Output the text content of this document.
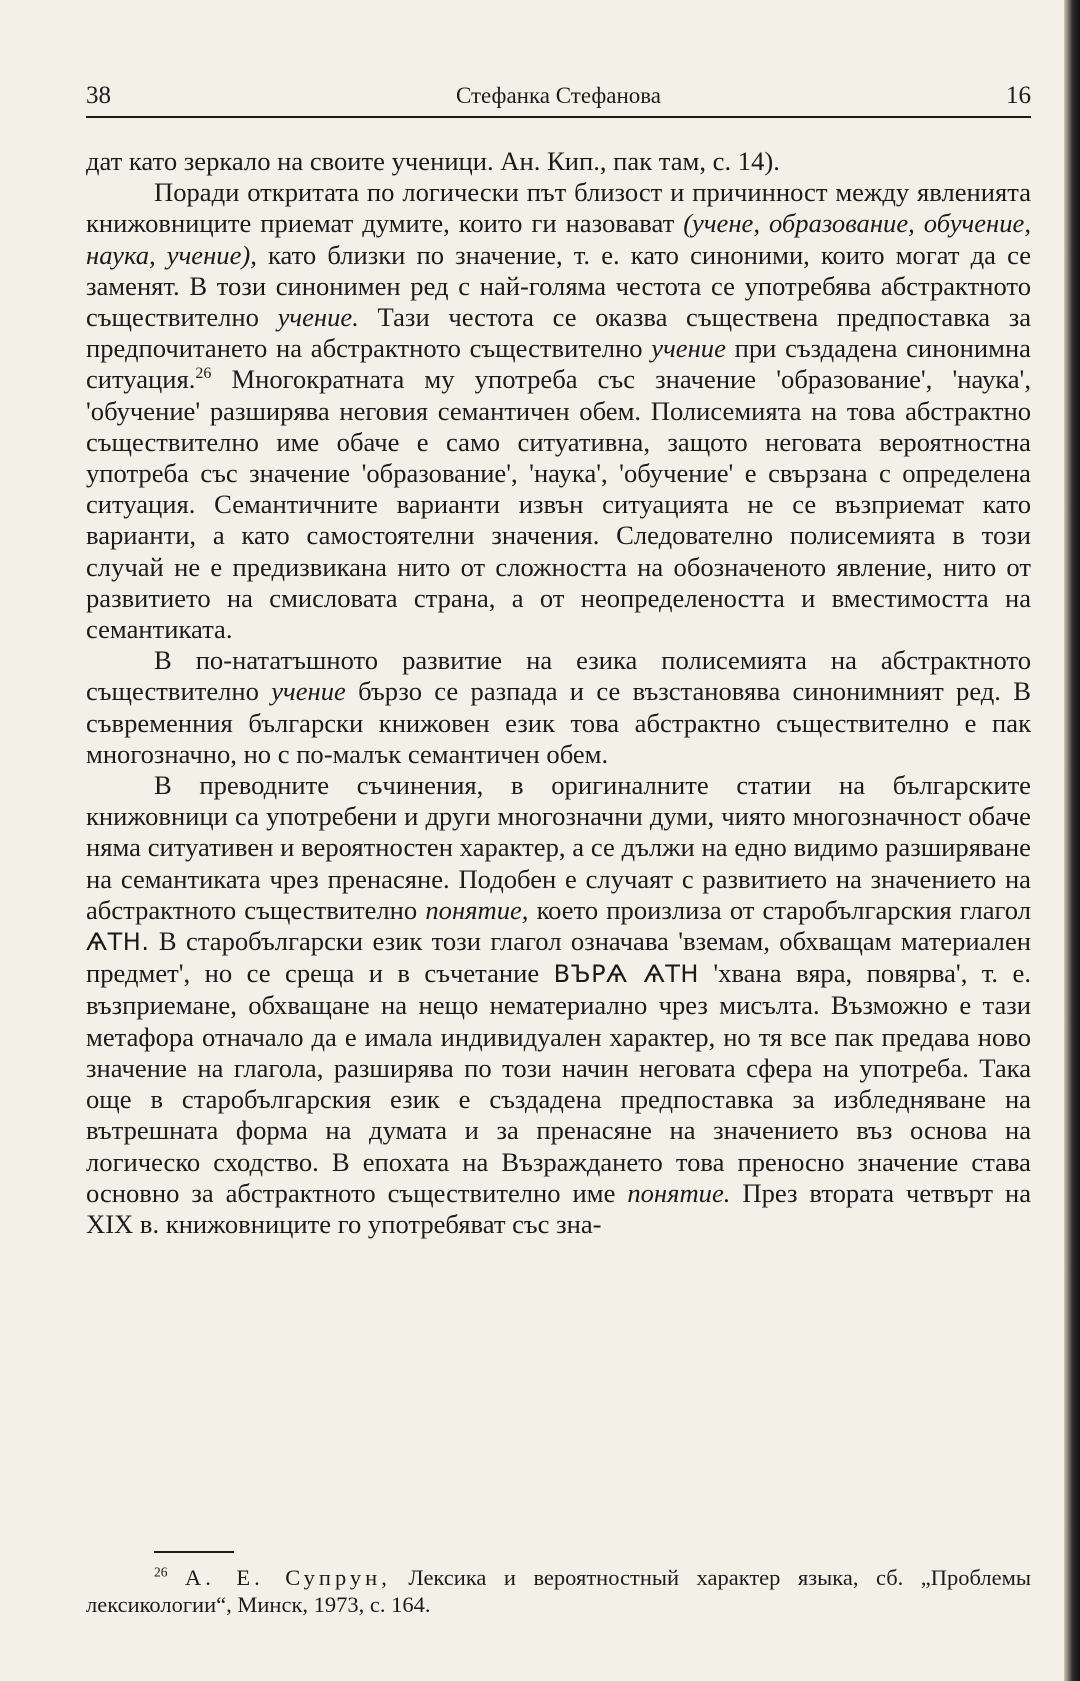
38	Стефанка Стефанова	16

дат като зеркало на своите ученици. Ан. Кип., пак там, с. 14).

Поради откритата по логически път близост и причинност между явленията книжовниците приемат думите, които ги назовават (учене, образование, обучение, наука, учение), като близки по значение, т. е. като синоними, които могат да се заменят. В този синонимен ред с най-голяма честота се употребява абстрактното съществително учение. Тази честота се оказва съществена предпоставка за предпочитането на абстрактното съществително учение при създадена синонимна ситуация.$^{26}$ Многократната му употреба със значение 'образование', 'наука', 'обучение' разширява неговия семантичен обем. Полисемията на това абстрактно съществително име обаче е само ситуативна, защото неговата вероятностна употреба със значение 'образование', 'наука', 'обучение' е свързана с определена ситуация. Семантичните варианти извън ситуацията не се възприемат като варианти, а като самостоятелни значения. Следователно полисемията в този случай не е предизвикана нито от сложността на обозначеното явление, нито от развитието на смисловата страна, а от неопределеността и вместимостта на семантиката.

В по-нататъшното развитие на езика полисемията на абстрактното съществително учение бързо се разпада и се възстановява синонимният ред. В съвременния български книжовен език това абстрактно съществително е пак многозначно, но с по-малък семантичен обем.

В преводните съчинения, в оригиналните статии на българските книжовници са употребени и други многозначни думи, чиято многозначност обаче няма ситуативен и вероятностен характер, а се дължи на едно видимо разширяване на семантиката чрез пренасяне. Подобен е случаят с развитието на значението на абстрактното съществително понятие, което произлиза от старобългарския глагол ѦТН. В старобългарски език този глагол означава 'вземам, обхващам материален предмет', но се среща и в съчетание ВЪРѦ ѦТН 'хвана вяра, повярва', т. е. възприемане, обхващане на нещо нематериално чрез мисълта. Възможно е тази метафора отначало да е имала индивидуален характер, но тя все пак предава ново значение на глагола, разширява по този начин неговата сфера на употреба. Така още в старобългарския език е създадена предпоставка за избледняване на вътрешната форма на думата и за пренасяне на значението въз основа на логическо сходство. В епохата на Възраждането това преносно значение става основно за абстрактното съществително име понятие. През втората четвърт на XIX в. книжовниците го употребяват със зна-

$^{26}$ А. Е. Супрун, Лексика и вероятностный характер языка, сб. „Проблемы лексикологии“, Минск, 1973, с. 164.
